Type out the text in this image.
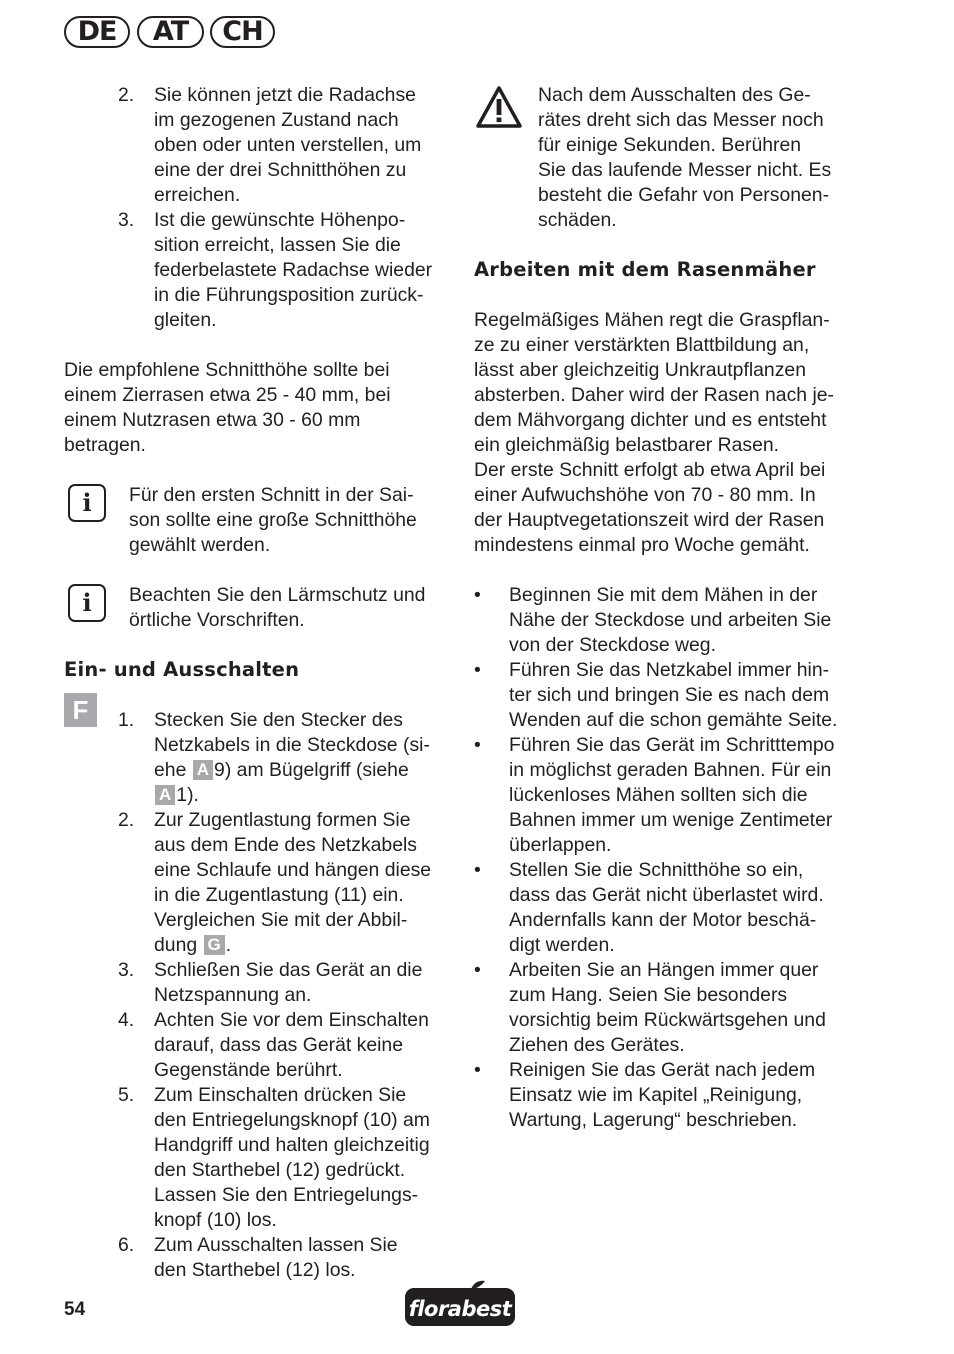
DE	AT	CH
2. Sie können jetzt die Radachse
im gezogenen Zustand nach
oben oder unten verstellen, um
eine der drei Schnitthöhen zu
erreichen.
3. Ist die gewünschte Höhenpo-
sition erreicht, lassen Sie die
federbelastete Radachse wieder
in die Führungsposition zurück-
gleiten.
Die empfohlene Schnitthöhe sollte bei
einem Zierrasen etwa 25 - 40 mm, bei
einem Nutzrasen etwa 30 - 60 mm
betragen.
i	Für den ersten Schnitt in der Sai-
son sollte eine große Schnitthöhe
gewählt werden.
i	Beachten Sie den Lärmschutz und
örtliche Vorschriften.
Ein- und Ausschalten
F	1. Stecken Sie den Stecker des
Netzkabels in die Steckdose (si-
ehe A 9) am Bügelgriff (siehe
A 1).
2. Zur Zugentlastung formen Sie
aus dem Ende des Netzkabels
eine Schlaufe und hängen diese
in die Zugentlastung (11) ein.
Vergleichen Sie mit der Abbil-
dung G .
3. Schließen Sie das Gerät an die
Netzspannung an.
4. Achten Sie vor dem Einschalten
darauf, dass das Gerät keine
Gegenstände berührt.
5. Zum Einschalten drücken Sie
den Entriegelungsknopf (10) am
Handgriff und halten gleichzeitig
den Starthebel (12) gedrückt.
Lassen Sie den Entriegelungs-
knopf (10) los.
6. Zum Ausschalten lassen Sie
den Starthebel (12) los.
Nach dem Ausschalten des Ge-
rätes dreht sich das Messer noch
für einige Sekunden. Berühren
Sie das laufende Messer nicht. Es
besteht die Gefahr von Personen-
schäden.
Arbeiten mit dem Rasenmäher
Regelmäßiges Mähen regt die Graspflan-
ze zu einer verstärkten Blattbildung an,
lässt aber gleichzeitig Unkrautpflanzen
absterben. Daher wird der Rasen nach je-
dem Mähvorgang dichter und es entsteht
ein gleichmäßig belastbarer Rasen.
Der erste Schnitt erfolgt ab etwa April bei
einer Aufwuchshöhe von 70 - 80 mm. In
der Hauptvegetationszeit wird der Rasen
mindestens einmal pro Woche gemäht.
• Beginnen Sie mit dem Mähen in der
Nähe der Steckdose und arbeiten Sie
von der Steckdose weg.
• Führen Sie das Netzkabel immer hin-
ter sich und bringen Sie es nach dem
Wenden auf die schon gemähte Seite.
• Führen Sie das Gerät im Schritttempo
in möglichst geraden Bahnen. Für ein
lückenloses Mähen sollten sich die
Bahnen immer um wenige Zentimeter
überlappen.
• Stellen Sie die Schnitthöhe so ein,
dass das Gerät nicht überlastet wird.
Andernfalls kann der Motor beschä-
digt werden.
• Arbeiten Sie an Hängen immer quer
zum Hang. Seien Sie besonders
vorsichtig beim Rückwärtsgehen und
Ziehen des Gerätes.
• Reinigen Sie das Gerät nach jedem
Einsatz wie im Kapitel „Reinigung,
Wartung, Lagerung“ beschrieben.
54	florabest
